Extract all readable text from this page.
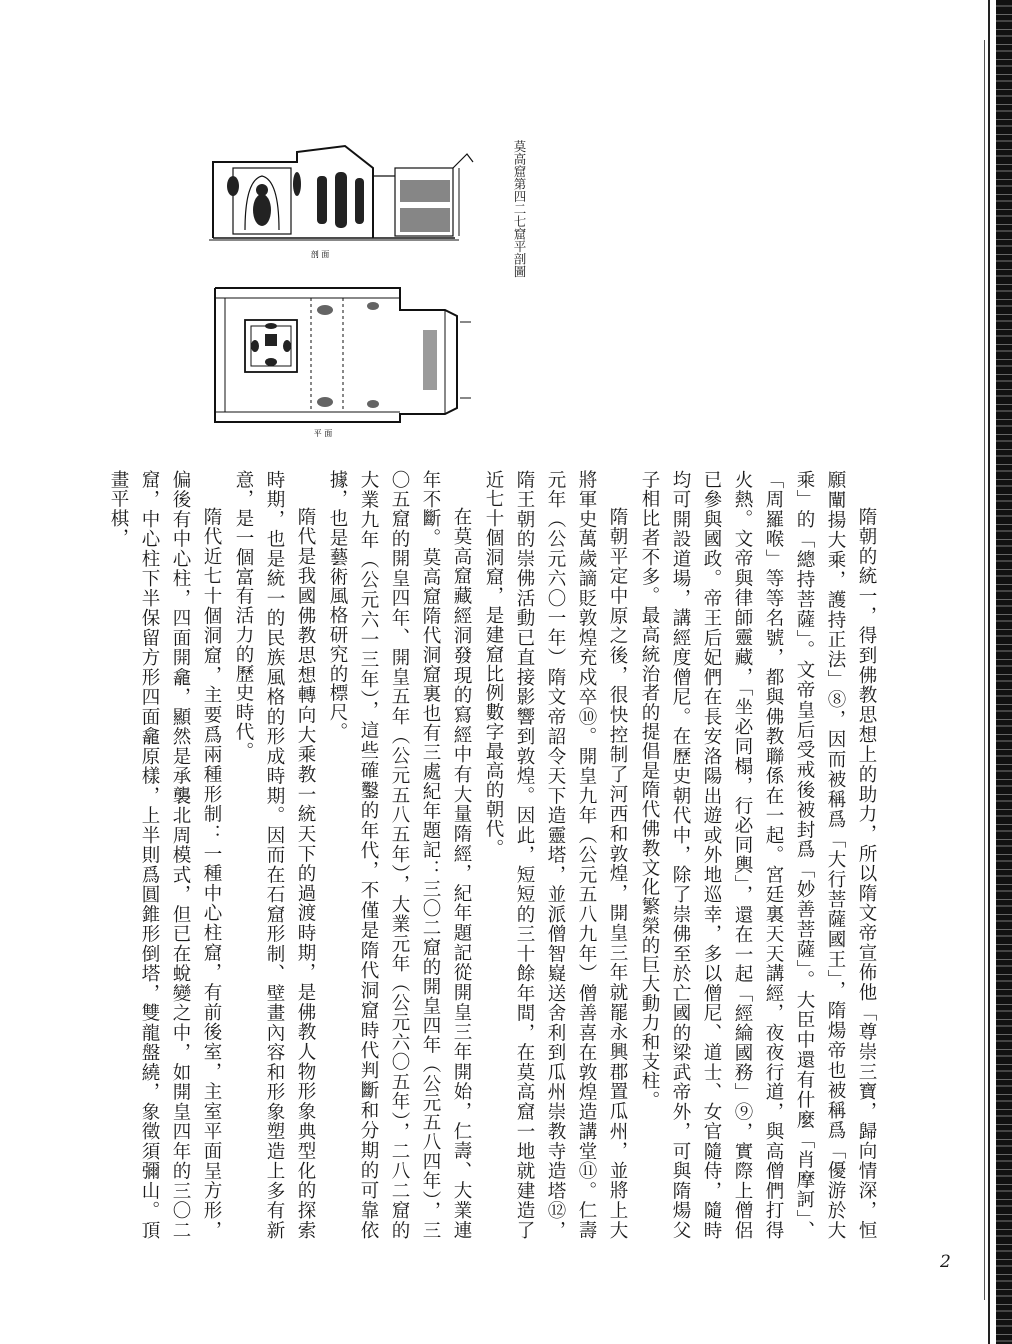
剖 面
平 面
莫高窟第四二七窟平剖圖

隋朝的統一，得到佛教思想上的助力，所以隋文帝宣佈他「尊崇三寶，歸向情深，恒願闡揚大乘，護持正法」⑧，因而被稱爲「大行菩薩國王」，隋煬帝也被稱爲「優游於大乘」的「總持菩薩」。文帝皇后受戒後被封爲「妙善菩薩」。大臣中還有什麼「肖摩訶」、「周羅喉」等等名號，都與佛教聯係在一起。宮廷裏天天講經，夜夜行道，與高僧們打得火熱。文帝與律師靈藏，「坐必同榻，行必同輿」，還在一起「經綸國務」⑨，實際上僧侶已參與國政。帝王后妃們在長安洛陽出遊或外地巡幸，多以僧尼、道士、女官隨侍，隨時均可開設道場，講經度僧尼。在歷史朝代中，除了崇佛至於亡國的梁武帝外，可與隋煬父子相比者不多。最高統治者的提倡是隋代佛教文化繁榮的巨大動力和支柱。

隋朝平定中原之後，很快控制了河西和敦煌，開皇三年就罷永興郡置瓜州，並將上大將軍史萬歲謫貶敦煌充戍卒⑩。開皇九年（公元五八九年）僧善喜在敦煌造講堂⑪。仁壽元年（公元六〇一年）隋文帝詔令天下造靈塔，並派僧智嶷送舍利到瓜州崇教寺造塔⑫，隋王朝的崇佛活動已直接影響到敦煌。因此，短短的三十餘年間，在莫高窟一地就建造了近七十個洞窟，是建窟比例數字最高的朝代。

在莫高窟藏經洞發現的寫經中有大量隋經，紀年題記從開皇三年開始，仁壽、大業連年不斷。莫高窟隋代洞窟裏也有三處紀年題記：三〇二窟的開皇四年（公元五八四年），三〇五窟的開皇四年、開皇五年（公元五八五年），大業元年（公元六〇五年），二八二窟的大業九年（公元六一三年），這些確鑿的年代，不僅是隋代洞窟時代判斷和分期的可靠依據，也是藝術風格研究的標尺。

隋代是我國佛教思想轉向大乘教一統天下的過渡時期，是佛教人物形象典型化的探索時期，也是統一的民族風格的形成時期。因而在石窟形制、壁畫內容和形象塑造上多有新意，是一個富有活力的歷史時代。

隋代近七十個洞窟，主要爲兩種形制：一種中心柱窟，有前後室，主室平面呈方形，偏後有中心柱，四面開龕，顯然是承襲北周模式，但已在蛻變之中，如開皇四年的三〇二窟，中心柱下半保留方形四面龕原樣，上半則爲圓錐形倒塔，雙龍盤繞，象徵須彌山。頂畫平棋，

2
